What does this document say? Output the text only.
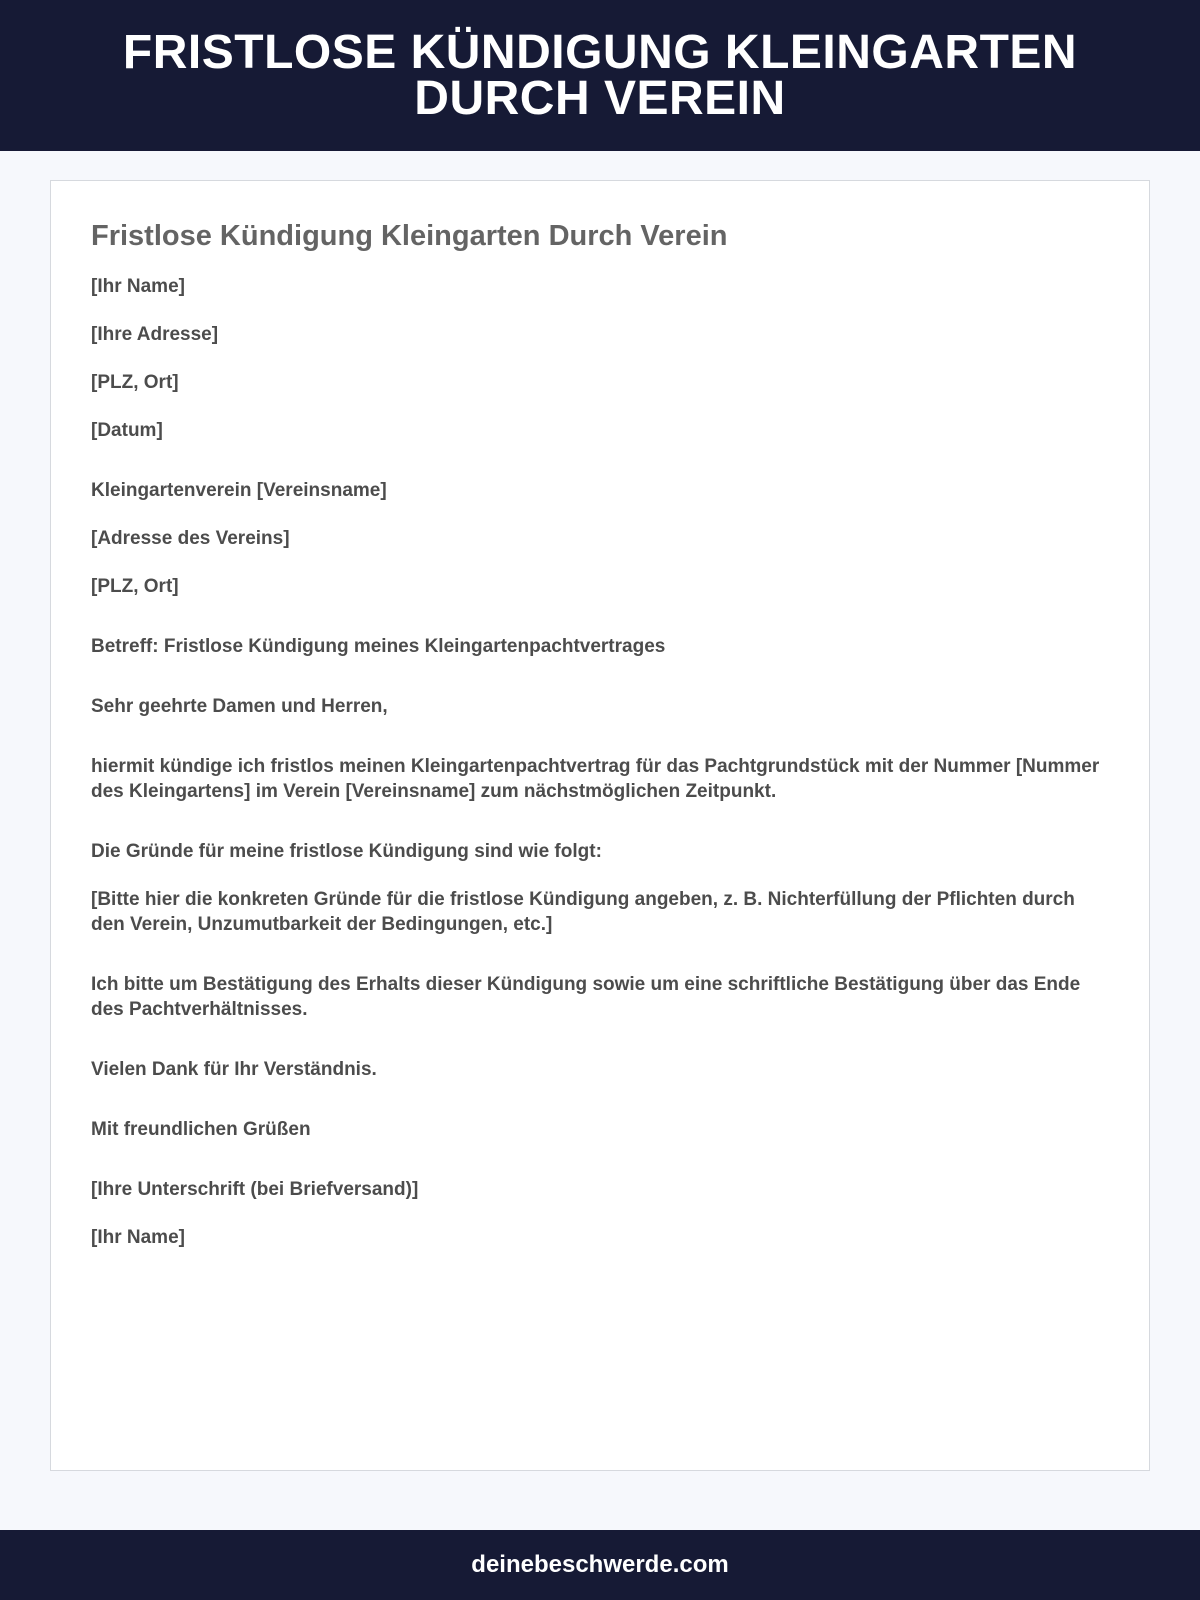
FRISTLOSE KÜNDIGUNG KLEINGARTEN
DURCH VEREIN
Fristlose Kündigung Kleingarten Durch Verein

[Ihr Name]

[Ihre Adresse]

[PLZ, Ort]

[Datum]

Kleingartenverein [Vereinsname]

[Adresse des Vereins]

[PLZ, Ort]

Betreff: Fristlose Kündigung meines Kleingartenpachtvertrages

Sehr geehrte Damen und Herren,

hiermit kündige ich fristlos meinen Kleingartenpachtvertrag für das Pachtgrundstück mit der Nummer [Nummer des Kleingartens] im Verein [Vereinsname] zum nächstmöglichen Zeitpunkt.

Die Gründe für meine fristlose Kündigung sind wie folgt:

[Bitte hier die konkreten Gründe für die fristlose Kündigung angeben, z. B. Nichterfüllung der Pflichten durch den Verein, Unzumutbarkeit der Bedingungen, etc.]

Ich bitte um Bestätigung des Erhalts dieser Kündigung sowie um eine schriftliche Bestätigung über das Ende des Pachtverhältnisses.

Vielen Dank für Ihr Verständnis.

Mit freundlichen Grüßen

[Ihre Unterschrift (bei Briefversand)]

[Ihr Name]

deinebeschwerde.com
